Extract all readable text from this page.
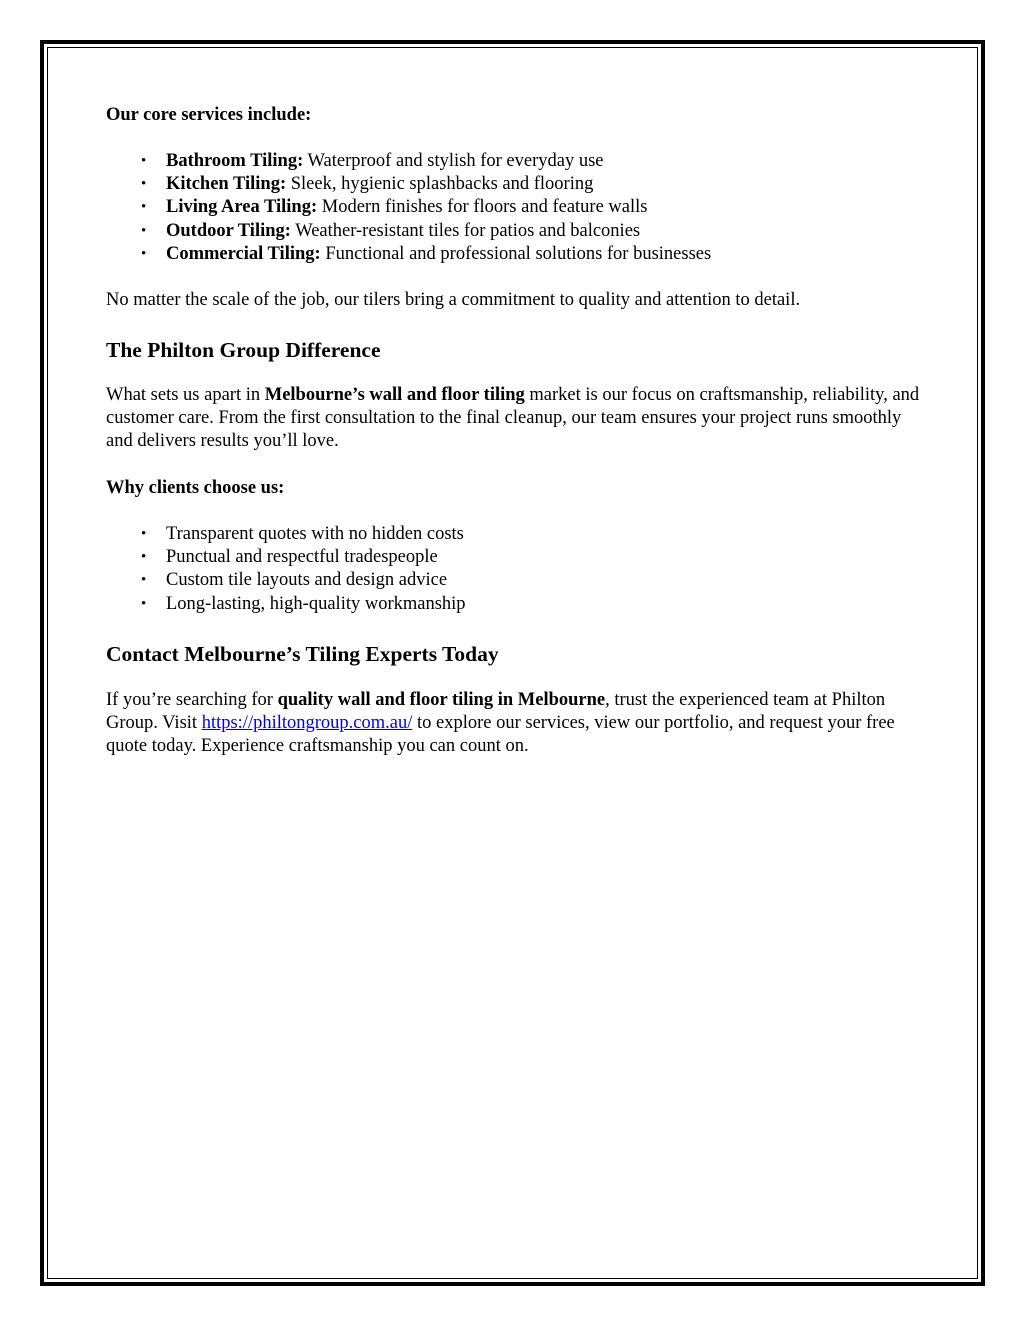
Our core services include:

• Bathroom Tiling: Waterproof and stylish for everyday use
• Kitchen Tiling: Sleek, hygienic splashbacks and flooring
• Living Area Tiling: Modern finishes for floors and feature walls
• Outdoor Tiling: Weather-resistant tiles for patios and balconies
• Commercial Tiling: Functional and professional solutions for businesses

No matter the scale of the job, our tilers bring a commitment to quality and attention to detail.

The Philton Group Difference

What sets us apart in Melbourne’s wall and floor tiling market is our focus on craftsmanship, reliability, and customer care. From the first consultation to the final cleanup, our team ensures your project runs smoothly and delivers results you’ll love.

Why clients choose us:

• Transparent quotes with no hidden costs
• Punctual and respectful tradespeople
• Custom tile layouts and design advice
• Long-lasting, high-quality workmanship
Contact Melbourne’s Tiling Experts Today

If you’re searching for quality wall and floor tiling in Melbourne, trust the experienced team at Philton Group. Visit https://philtongroup.com.au/ to explore our services, view our portfolio, and request your free quote today. Experience craftsmanship you can count on.
